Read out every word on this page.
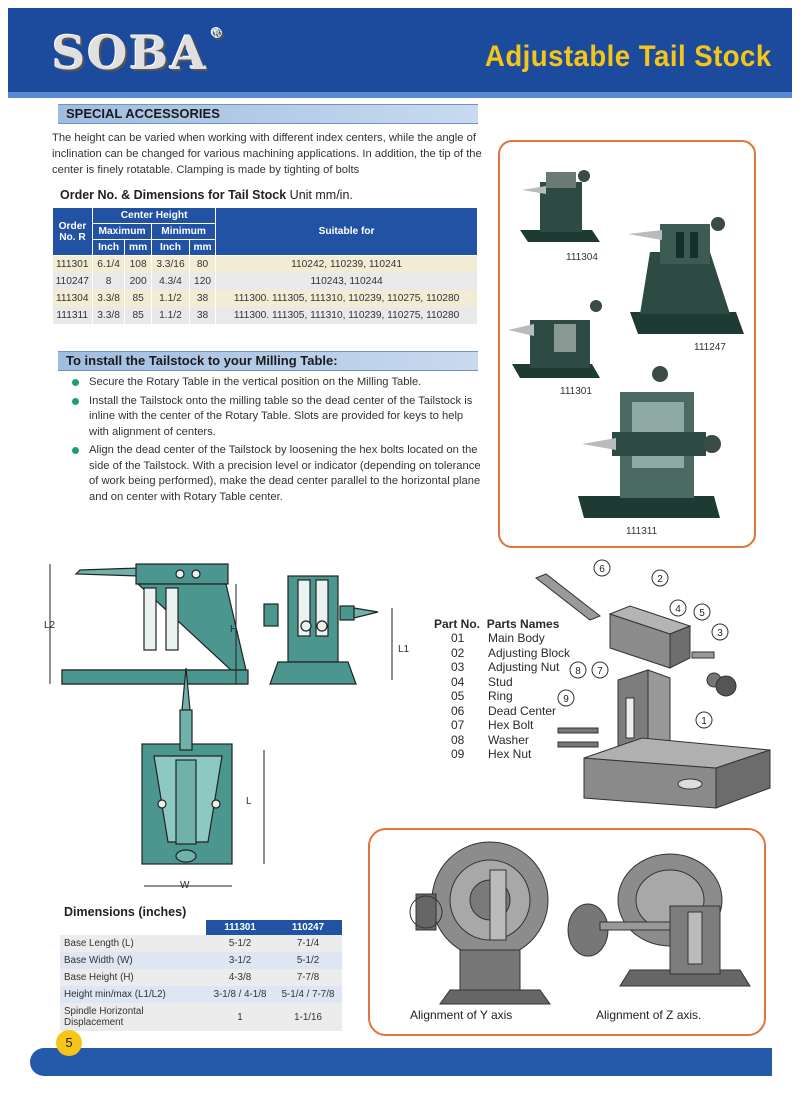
SOBA ®
Adjustable Tail Stock
SPECIAL ACCESSORIES

The height can be varied when working with different index centers, while the angle of inclination can be changed for various machining applications. In addition, the tip of the center is finely rotatable. Clamping is made by tighting of bolts

Order No. & Dimensions for Tail Stock Unit mm/in.
Order No. R	Center Height				Suitable for
	Maximum		Minimum		
	Inch	mm	Inch	mm	
111301	6.1/4	108	3.3/16	80	110242, 110239, 110241
110247	8	200	4.3/4	120	110243, 110244
111304	3.3/8	85	1.1/2	38	111300. 111305, 111310, 110239, 110275, 110280
111311	3.3/8	85	1.1/2	38	111300. 111305, 111310, 110239, 110275, 110280
To install the Tailstock to your Milling Table:
Secure the Rotary Table in the vertical position on the Milling Table.
Install the Tailstock onto the milling table so the dead center of the Tailstock is inline with the center of the Rotary Table. Slots are provided for keys to help with alignment of centers.
Align the dead center of the Tailstock by loosening the hex bolts located on the side of the Tailstock. With a precision level or indicator (depending on tolerance of work being performed), make the dead center parallel to the horizontal plane and on center with Rotary Table center.
111304
111247
111301
111311
L2	H
L1
L
W
Part No. Parts Names
01	Main Body
02	Adjusting Block
03	Adjusting Nut
04	Stud
05	Ring
06	Dead Center
07	Hex Bolt
08	Washer
09	Hex Nut
6
2
4 5
3
8 7
9
1
Alignment of Y axis	Alignment of Z axis.
Dimensions (inches)
	111301	110247
Base Length (L)	5-1/2	7-1/4
Base Width (W)	3-1/2	5-1/2
Base Height (H)	4-3/8	7-7/8
Height min/max (L1/L2)	3-1/8 / 4-1/8	5-1/4 / 7-7/8
Spindle Horizontal Displacement	1	1-1/16
5
